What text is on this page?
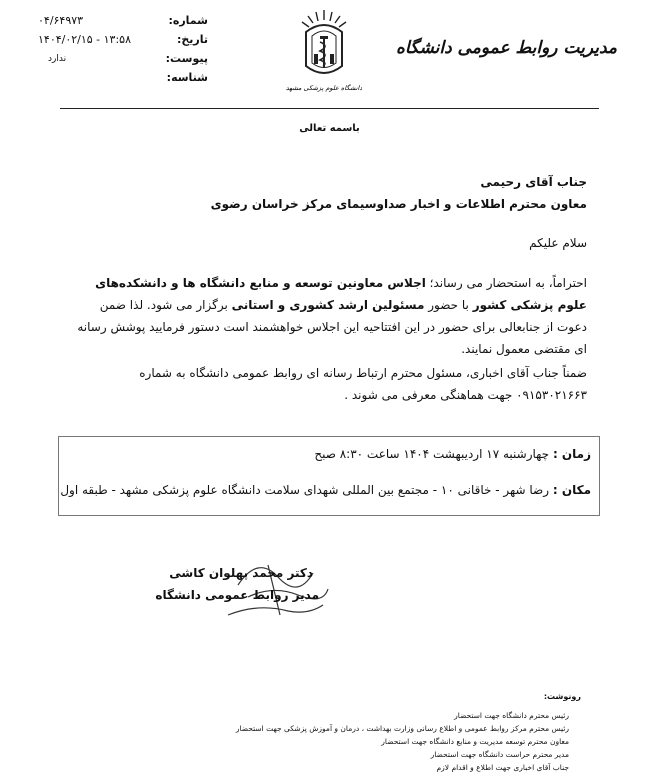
مدیریت روابط عمومی دانشگاه
دانشگاه علوم پزشکی مشهد
شماره:
۰۴/۶۴۹۷۳
تاریخ:
۱۴۰۴/۰۲/۱۵ - ۱۳:۵۸
پیوست:
ندارد
شناسه:
باسمه تعالی
جناب آقای رحیمی
معاون محترم اطلاعات و اخبار صداوسیمای مرکز خراسان رضوی
سلام علیکم
احتراماً، به استحضار می رساند؛ اجلاس معاونین توسعه و منابع دانشگاه ها و دانشکده‌های علوم پزشکی کشور با حضور مسئولین ارشد کشوری و استانی برگزار می شود. لذا ضمن دعوت از جنابعالی برای حضور در این افتتاحیه این اجلاس خواهشمند است دستور فرمایید پوشش رسانه ای مقتضی معمول نمایند.
ضمناً جناب آقای اخباری، مسئول محترم ارتباط رسانه ای روابط عمومی دانشگاه به شماره ۰۹۱۵۳۰۲۱۶۶۳ جهت هماهنگی معرفی می شوند .
زمان : چهارشنبه ۱۷ اردیبهشت ۱۴۰۴ ساعت ۸:۳۰ صبح
مکان : رضا شهر - خاقانی ۱۰ - مجتمع بین المللی شهدای سلامت دانشگاه علوم پزشکی مشهد - طبقه اول
دکتر محمد پهلوان کاشی
مدیر روابط عمومی دانشگاه
رونوشت:
- رئیس محترم دانشگاه جهت استحضار
- رئیس محترم مرکز روابط عمومی و اطلاع رسانی وزارت بهداشت ، درمان و آموزش پزشکی جهت استحضار
- معاون محترم توسعه مدیریت و منابع دانشگاه جهت استحضار
- مدیر محترم حراست دانشگاه جهت استحضار
- جناب آقای اخباری جهت اطلاع و اقدام لازم
